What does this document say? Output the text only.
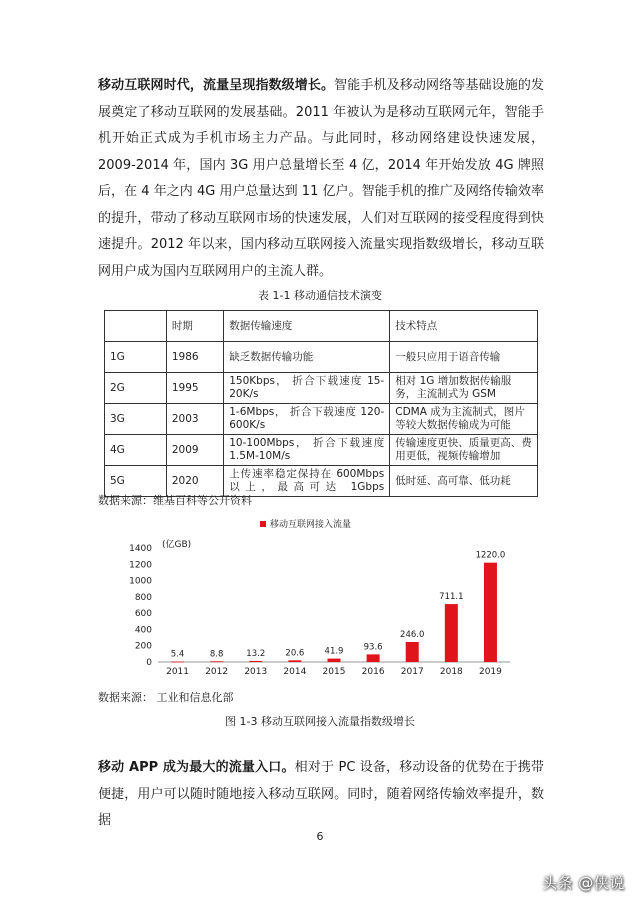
移动互联网时代，流量呈现指数级增长。智能手机及移动网络等基础设施的发展奠定了移动互联网的发展基础。2011 年被认为是移动互联网元年，智能手机开始正式成为手机市场主力产品。与此同时，移动网络建设快速发展，2009-2014 年，国内 3G 用户总量增长至 4 亿，2014 年开始发放 4G 牌照后，在 4 年之内 4G 用户总量达到 11 亿户。智能手机的推广及网络传输效率的提升，带动了移动互联网市场的快速发展，人们对互联网的接受程度得到快速提升。2012 年以来，国内移动互联网接入流量实现指数级增长，移动互联网用户成为国内互联网用户的主流人群。

表 1-1 移动通信技术演变
	时期	数据传输速度	技术特点
1G	1986	缺乏数据传输功能	一般只应用于语音传输
2G	1995	150Kbps， 折合下载速度 15-20K/s	相对 1G 增加数据传输服务，主流制式为 GSM
3G	2003	1-6Mbps， 折合下载速度 120-600K/s	CDMA 成为主流制式，图片等较大数据传输成为可能
4G	2009	10-100Mbps， 折合下载速度 1.5M-10M/s	传输速度更快、质量更高、费用更低，视频传输增加
5G	2020	上传速率稳定保持在 600Mbps 以上，最高可达 1Gbps	低时延、高可靠、低功耗
数据来源：维基百科等公开资料
移动互联网接入流量
(亿GB)
0
200
400
600
800
1000
1200
1400
5.4
2011
8.8
2012
13.2
2013
20.6
2014
41.9
2015
93.6
2016
246.0
2017
711.1
2018
1220.0
2019
数据来源： 工业和信息化部
图 1-3 移动互联网接入流量指数级增长

移动 APP 成为最大的流量入口。相对于 PC 设备，移动设备的优势在于携带便捷，用户可以随时随地接入移动互联网。同时，随着网络传输效率提升，数据

6
头条 @侠说
